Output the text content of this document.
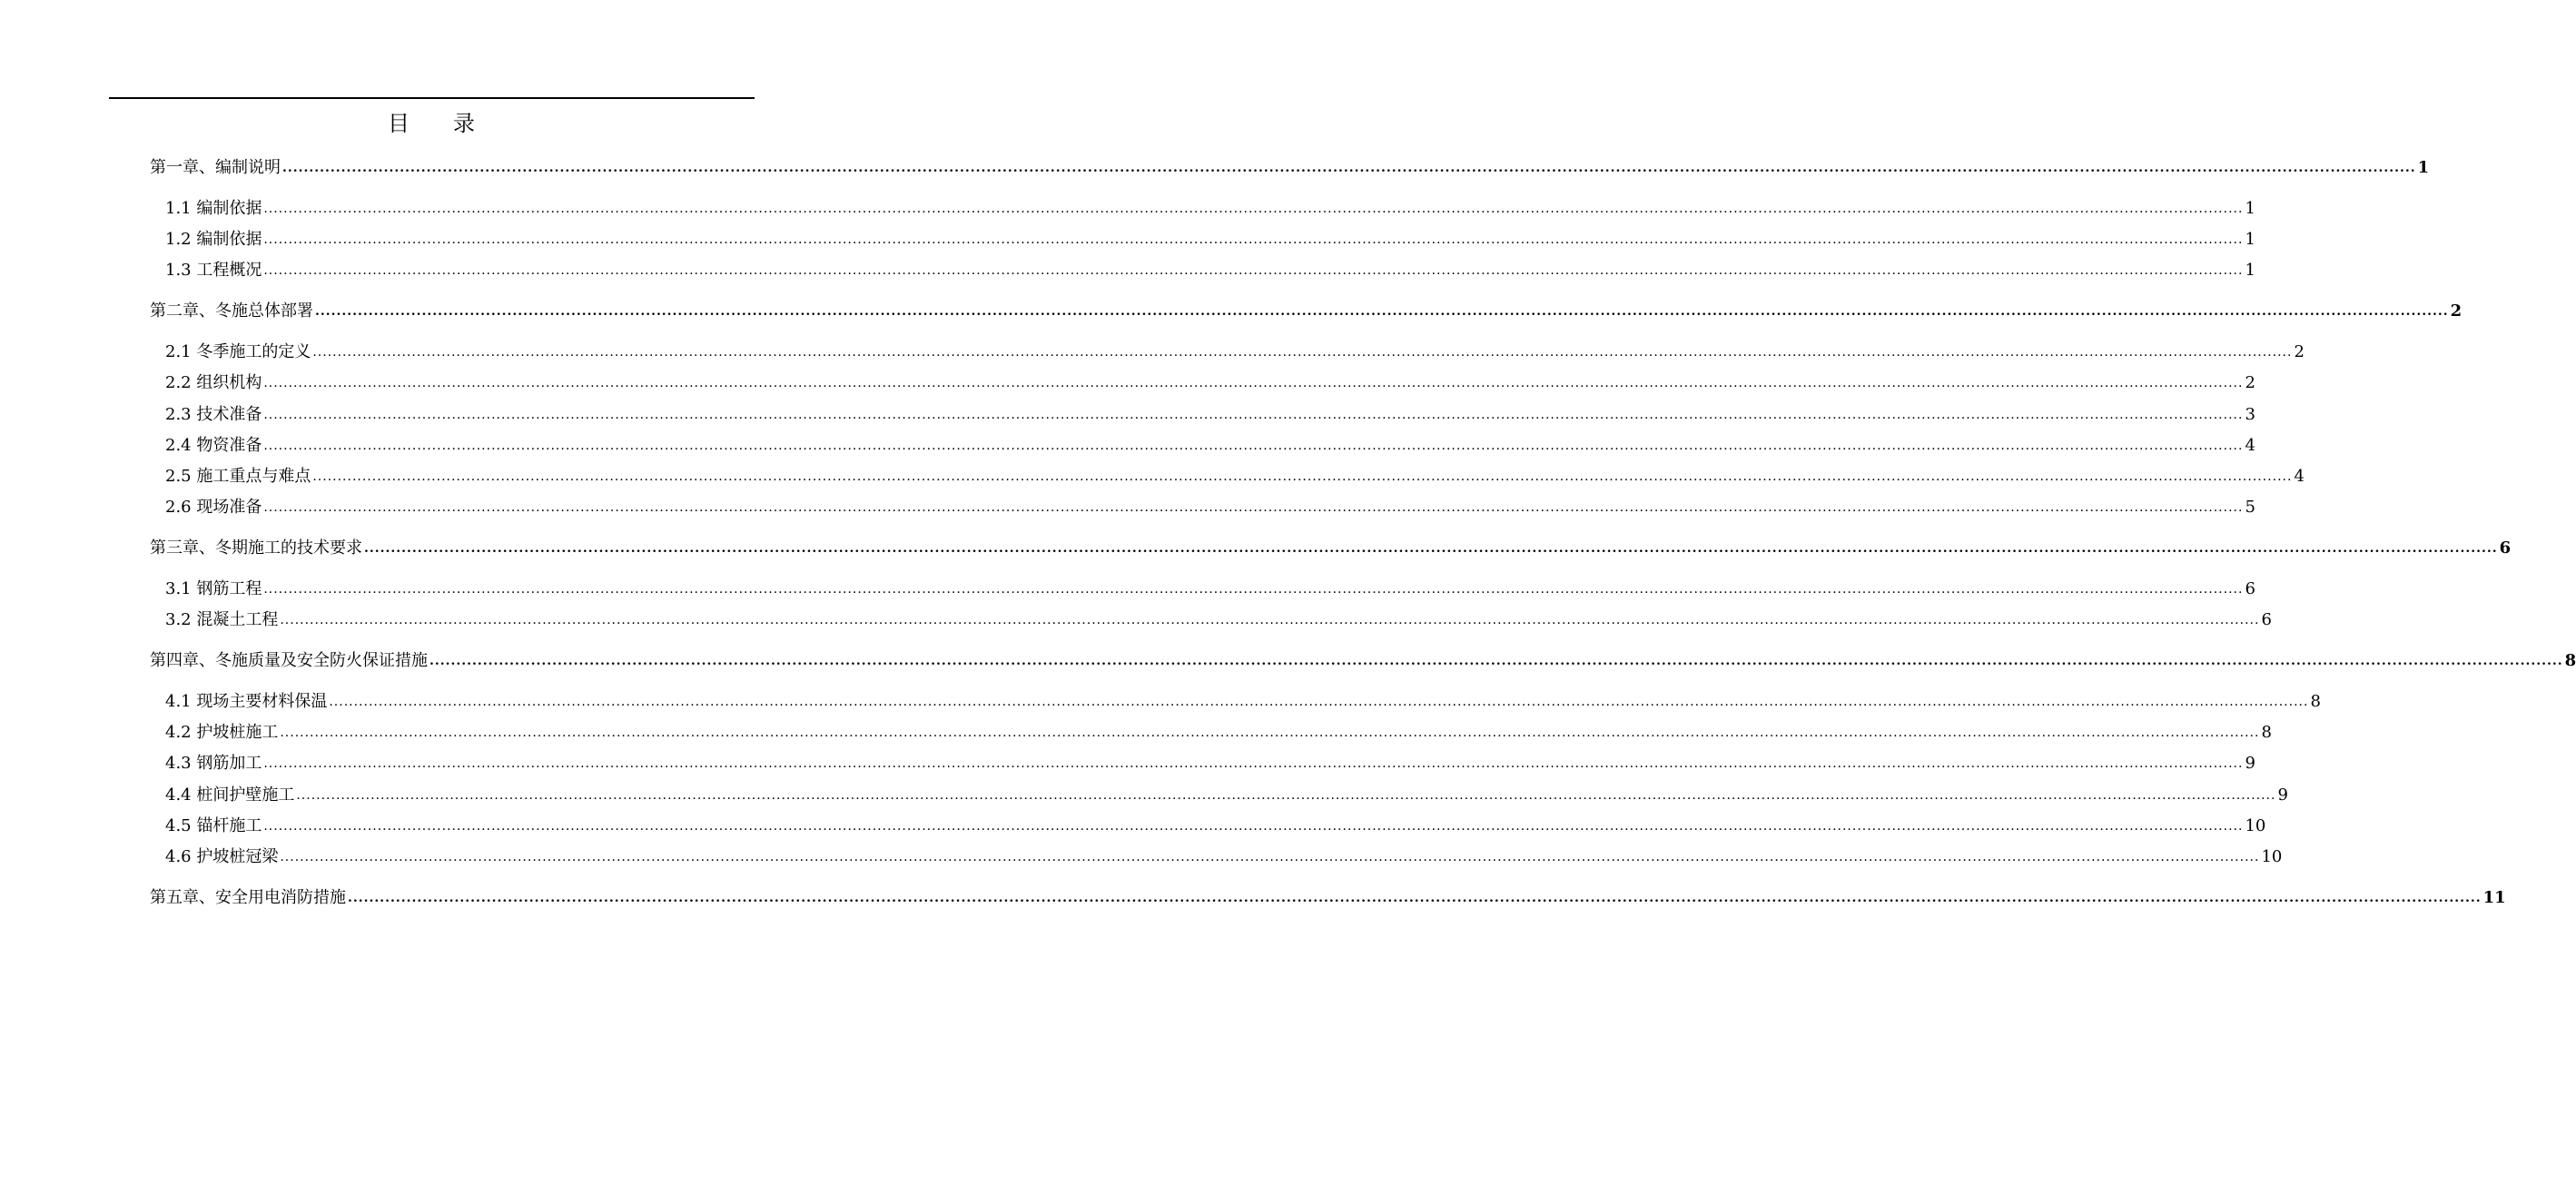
目 录
第一章、编制说明 ................................................................................................................................................................................................................................................................................................................................................................................................................ 1
1.1 编制依据 ................................................................................................................................................................................................................................................................................................................................................................................................................ 1
1.2 编制依据 ................................................................................................................................................................................................................................................................................................................................................................................................................ 1
1.3 工程概况 ................................................................................................................................................................................................................................................................................................................................................................................................................ 1
第二章、冬施总体部署 ................................................................................................................................................................................................................................................................................................................................................................................................................ 2
2.1 冬季施工的定义 ................................................................................................................................................................................................................................................................................................................................................................................................................ 2
2.2 组织机构 ................................................................................................................................................................................................................................................................................................................................................................................................................ 2
2.3 技术准备 ................................................................................................................................................................................................................................................................................................................................................................................................................ 3
2.4 物资准备 ................................................................................................................................................................................................................................................................................................................................................................................................................ 4
2.5 施工重点与难点 ................................................................................................................................................................................................................................................................................................................................................................................................................ 4
2.6 现场准备 ................................................................................................................................................................................................................................................................................................................................................................................................................ 5
第三章、冬期施工的技术要求 ................................................................................................................................................................................................................................................................................................................................................................................................................ 6
3.1 钢筋工程 ................................................................................................................................................................................................................................................................................................................................................................................................................ 6
3.2 混凝土工程 ................................................................................................................................................................................................................................................................................................................................................................................................................ 6
第四章、冬施质量及安全防火保证措施 ................................................................................................................................................................................................................................................................................................................................................................................................................ 8
4.1 现场主要材料保温 ................................................................................................................................................................................................................................................................................................................................................................................................................ 8
4.2 护坡桩施工 ................................................................................................................................................................................................................................................................................................................................................................................................................ 8
4.3 钢筋加工 ................................................................................................................................................................................................................................................................................................................................................................................................................ 9
4.4 桩间护壁施工 ................................................................................................................................................................................................................................................................................................................................................................................................................ 9
4.5 锚杆施工 ................................................................................................................................................................................................................................................................................................................................................................................................................ 10
4.6 护坡桩冠梁 ................................................................................................................................................................................................................................................................................................................................................................................................................ 10
第五章、安全用电消防措施 ................................................................................................................................................................................................................................................................................................................................................................................................................ 11
